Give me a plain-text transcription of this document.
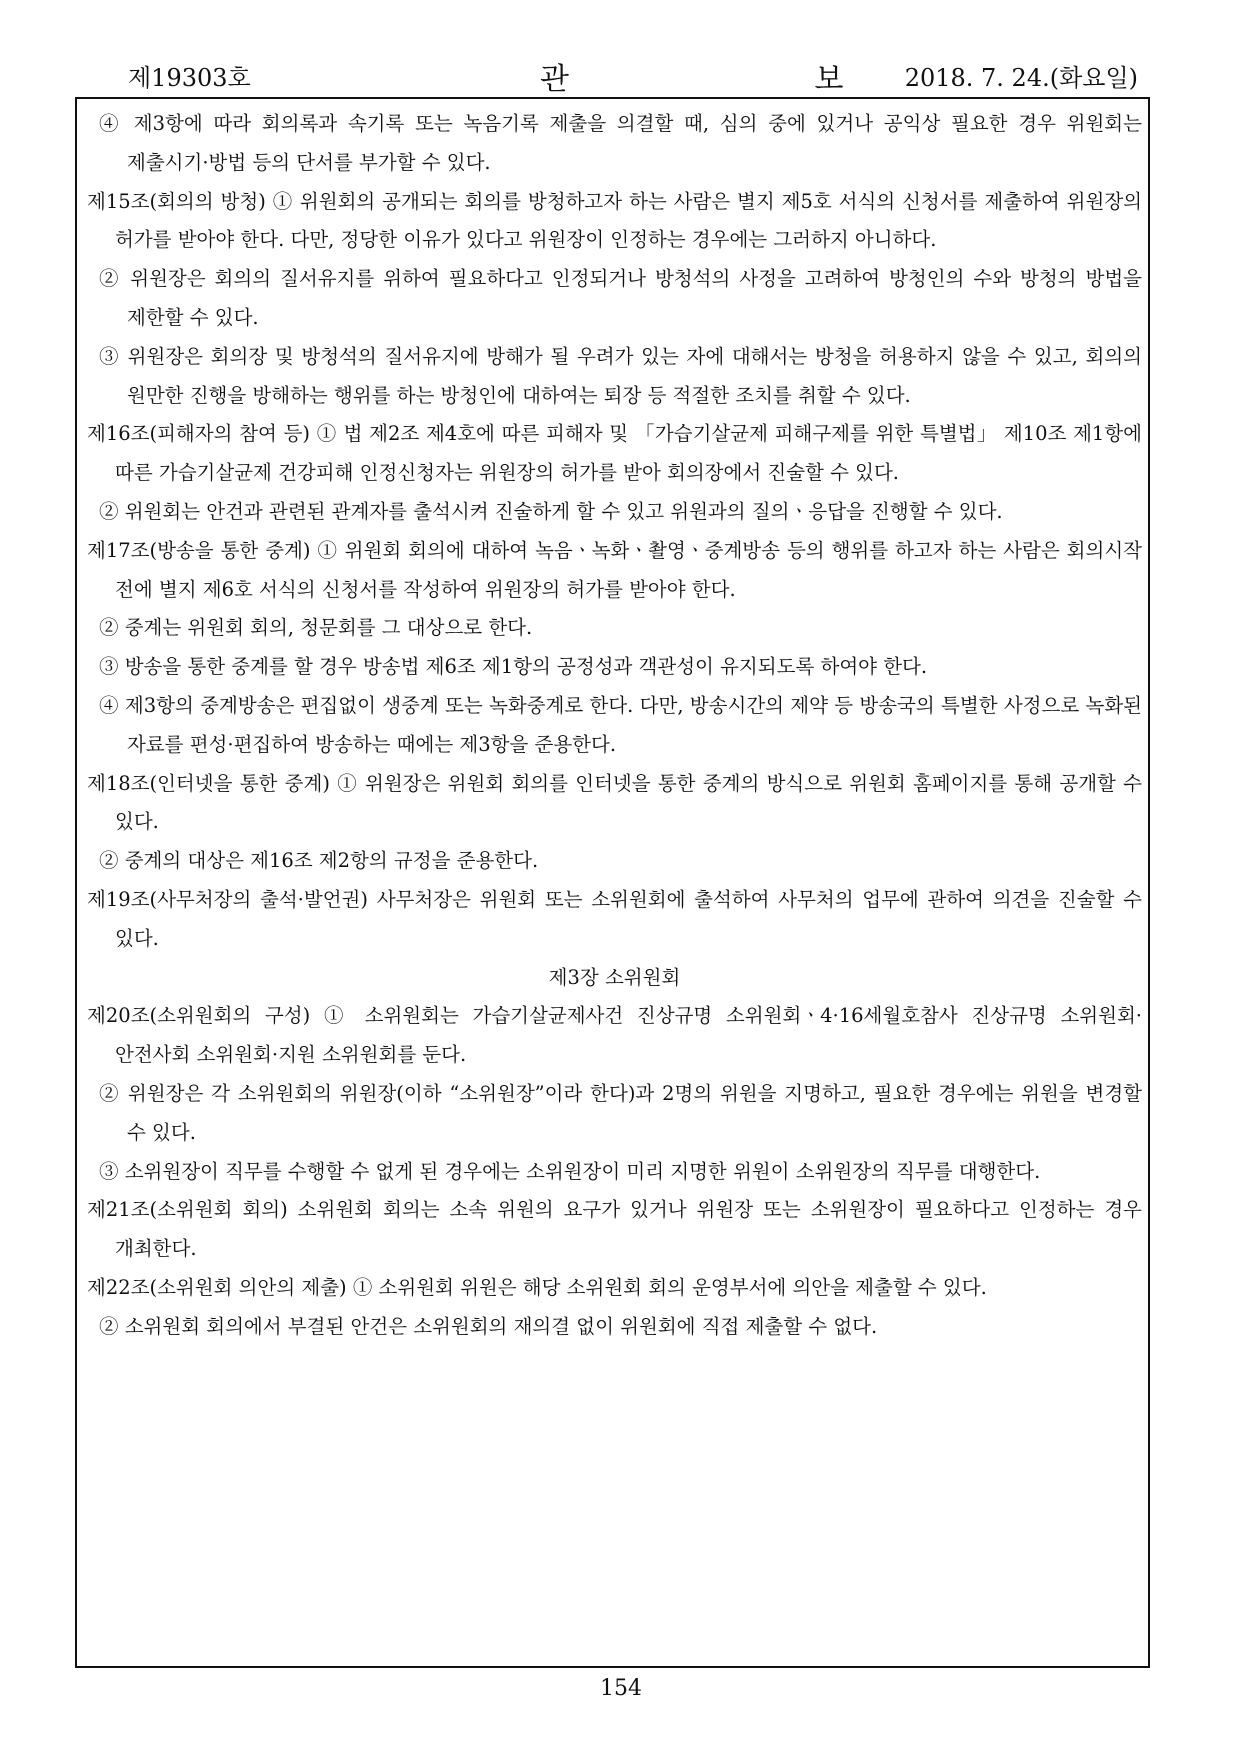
제19303호	관 보
2018. 7. 24.(화요일)

④ 제3항에 따라 회의록과 속기록 또는 녹음기록 제출을 의결할 때, 심의 중에 있거나 공익상 필요한 경우 위원회는 제출시기·방법 등의 단서를 부가할 수 있다.

제15조(회의의 방청) ① 위원회의 공개되는 회의를 방청하고자 하는 사람은 별지 제5호 서식의 신청서를 제출하여 위원장의 허가를 받아야 한다. 다만, 정당한 이유가 있다고 위원장이 인정하는 경우에는 그러하지 아니하다.

② 위원장은 회의의 질서유지를 위하여 필요하다고 인정되거나 방청석의 사정을 고려하여 방청인의 수와 방청의 방법을 제한할 수 있다.

③ 위원장은 회의장 및 방청석의 질서유지에 방해가 될 우려가 있는 자에 대해서는 방청을 허용하지 않을 수 있고, 회의의 원만한 진행을 방해하는 행위를 하는 방청인에 대하여는 퇴장 등 적절한 조치를 취할 수 있다.

제16조(피해자의 참여 등) ① 법 제2조 제4호에 따른 피해자 및 「가습기살균제 피해구제를 위한 특별법」 제10조 제1항에 따른 가습기살균제 건강피해 인정신청자는 위원장의 허가를 받아 회의장에서 진술할 수 있다.

② 위원회는 안건과 관련된 관계자를 출석시켜 진술하게 할 수 있고 위원과의 질의ㆍ응답을 진행할 수 있다.

제17조(방송을 통한 중계) ① 위원회 회의에 대하여 녹음ㆍ녹화ㆍ촬영ㆍ중계방송 등의 행위를 하고자 하는 사람은 회의시작 전에 별지 제6호 서식의 신청서를 작성하여 위원장의 허가를 받아야 한다.

② 중계는 위원회 회의, 청문회를 그 대상으로 한다.

③ 방송을 통한 중계를 할 경우 방송법 제6조 제1항의 공정성과 객관성이 유지되도록 하여야 한다.

④ 제3항의 중계방송은 편집없이 생중계 또는 녹화중계로 한다. 다만, 방송시간의 제약 등 방송국의 특별한 사정으로 녹화된 자료를 편성·편집하여 방송하는 때에는 제3항을 준용한다.

제18조(인터넷을 통한 중계) ① 위원장은 위원회 회의를 인터넷을 통한 중계의 방식으로 위원회 홈페이지를 통해 공개할 수 있다.

② 중계의 대상은 제16조 제2항의 규정을 준용한다.

제19조(사무처장의 출석·발언권) 사무처장은 위원회 또는 소위원회에 출석하여 사무처의 업무에 관하여 의견을 진술할 수 있다.

제3장 소위원회

제20조(소위원회의 구성) ① 소위원회는 가습기살균제사건 진상규명 소위원회ㆍ4·16세월호참사 진상규명 소위원회·안전사회 소위원회·지원 소위원회를 둔다.

② 위원장은 각 소위원회의 위원장(이하 “소위원장”이라 한다)과 2명의 위원을 지명하고, 필요한 경우에는 위원을 변경할 수 있다.

③ 소위원장이 직무를 수행할 수 없게 된 경우에는 소위원장이 미리 지명한 위원이 소위원장의 직무를 대행한다.

제21조(소위원회 회의) 소위원회 회의는 소속 위원의 요구가 있거나 위원장 또는 소위원장이 필요하다고 인정하는 경우 개최한다.

제22조(소위원회 의안의 제출) ① 소위원회 위원은 해당 소위원회 회의 운영부서에 의안을 제출할 수 있다.

② 소위원회 회의에서 부결된 안건은 소위원회의 재의결 없이 위원회에 직접 제출할 수 없다.

154
